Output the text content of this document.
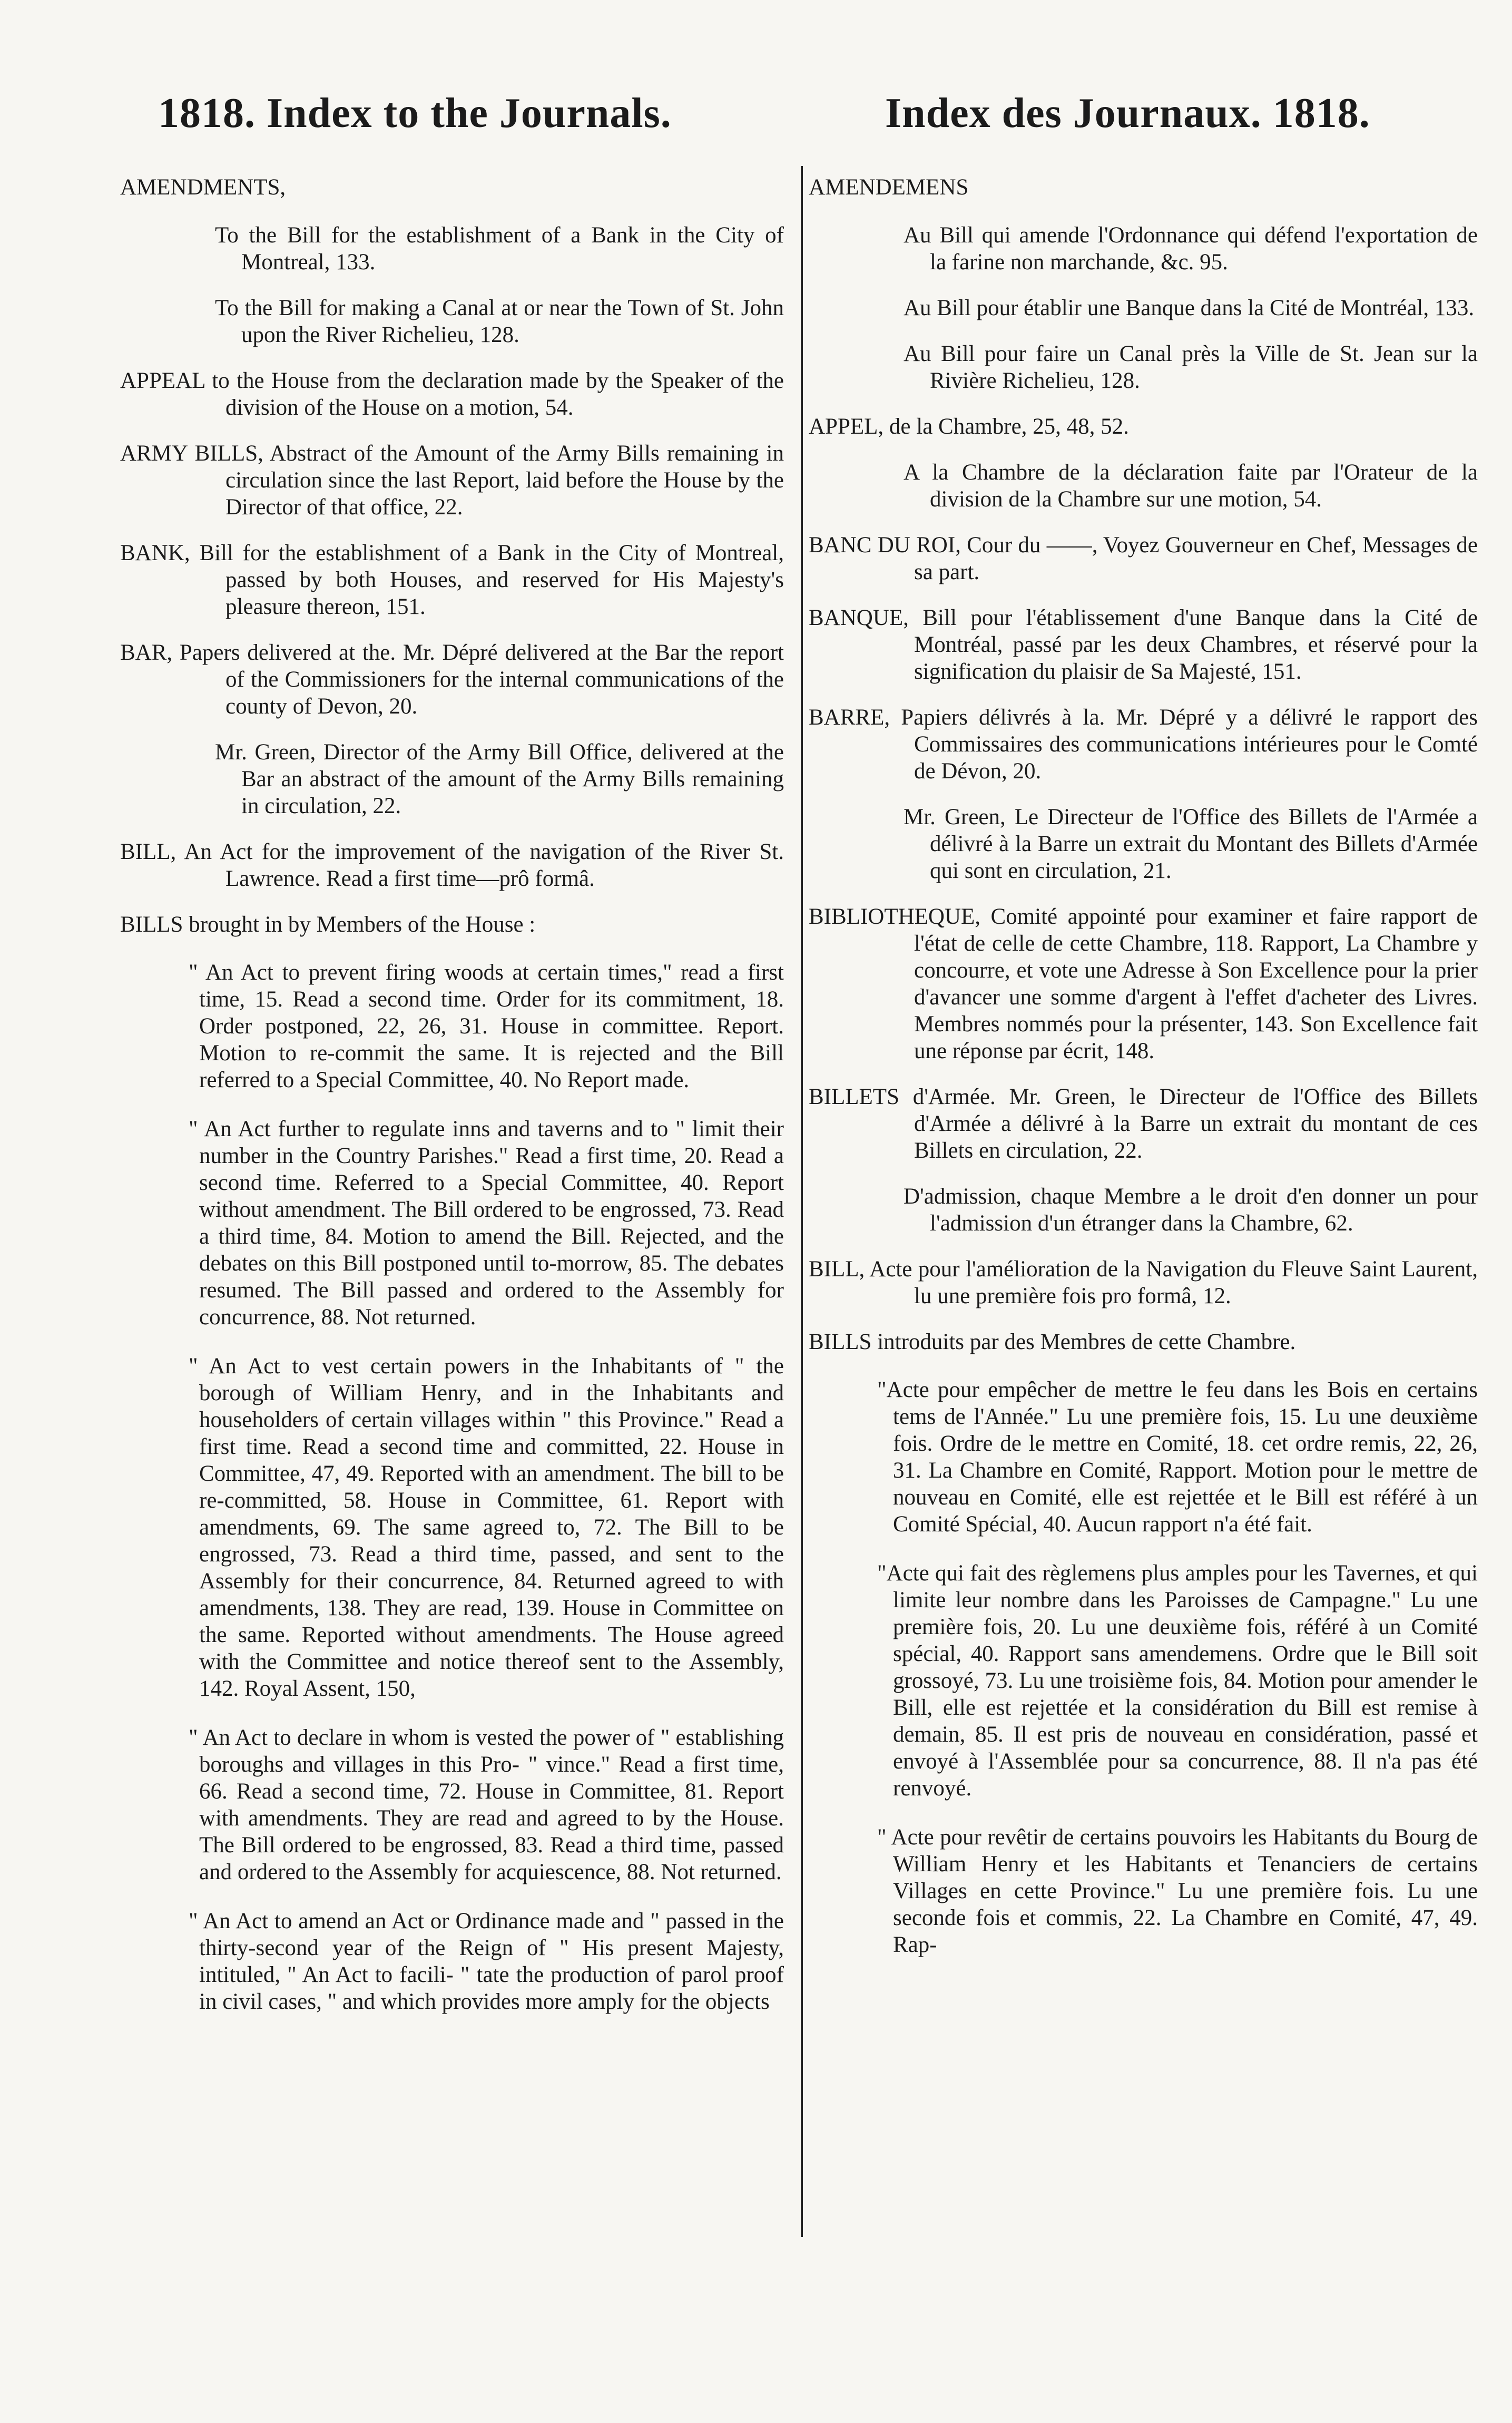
1818. Index to the Journals.	Index des Journaux. 1818.
AMENDMENTS,
To the Bill for the establishment of a Bank in the City of Montreal, 133.
To the Bill for making a Canal at or near the Town of St. John upon the River Richelieu, 128.
APPEAL to the House from the declaration made by the Speaker of the division of the House on a motion, 54.
ARMY BILLS, Abstract of the Amount of the Army Bills remaining in circulation since the last Report, laid before the House by the Director of that office, 22.
BANK, Bill for the establishment of a Bank in the City of Montreal, passed by both Houses, and reserved for His Majesty's pleasure thereon, 151.
BAR, Papers delivered at the. Mr. Dépré delivered at the Bar the report of the Commissioners for the internal communications of the county of Devon, 20.
Mr. Green, Director of the Army Bill Office, delivered at the Bar an abstract of the amount of the Army Bills remaining in circulation, 22.
BILL, An Act for the improvement of the navigation of the River St. Lawrence. Read a first time—prô formâ.
BILLS brought in by Members of the House :
" An Act to prevent firing woods at certain times," read a first time, 15. Read a second time. Order for its commitment, 18. Order postponed, 22, 26, 31. House in committee. Report. Motion to re-commit the same. It is rejected and the Bill referred to a Special Committee, 40. No Report made.
" An Act further to regulate inns and taverns and to " limit their number in the Country Parishes." Read a first time, 20. Read a second time. Referred to a Special Committee, 40. Report without amendment. The Bill ordered to be engrossed, 73. Read a third time, 84. Motion to amend the Bill. Rejected, and the debates on this Bill postponed until to-morrow, 85. The debates resumed. The Bill passed and ordered to the Assembly for concurrence, 88. Not returned.
" An Act to vest certain powers in the Inhabitants of " the borough of William Henry, and in the Inhabitants and householders of certain villages within " this Province." Read a first time. Read a second time and committed, 22. House in Committee, 47, 49. Reported with an amendment. The bill to be re-committed, 58. House in Committee, 61. Report with amendments, 69. The same agreed to, 72. The Bill to be engrossed, 73. Read a third time, passed, and sent to the Assembly for their concurrence, 84. Returned agreed to with amendments, 138. They are read, 139. House in Committee on the same. Reported without amendments. The House agreed with the Committee and notice thereof sent to the Assembly, 142. Royal Assent, 150,
" An Act to declare in whom is vested the power of " establishing boroughs and villages in this Pro- " vince." Read a first time, 66. Read a second time, 72. House in Committee, 81. Report with amendments. They are read and agreed to by the House. The Bill ordered to be engrossed, 83. Read a third time, passed and ordered to the Assembly for acquiescence, 88. Not returned.
" An Act to amend an Act or Ordinance made and " passed in the thirty-second year of the Reign of " His present Majesty, intituled, " An Act to facili- " tate the production of parol proof in civil cases, " and which provides more amply for the objects
AMENDEMENS
Au Bill qui amende l'Ordonnance qui défend l'exportation de la farine non marchande, &c. 95.
Au Bill pour établir une Banque dans la Cité de Montréal, 133.
Au Bill pour faire un Canal près la Ville de St. Jean sur la Rivière Richelieu, 128.
APPEL, de la Chambre, 25, 48, 52.
A la Chambre de la déclaration faite par l'Orateur de la division de la Chambre sur une motion, 54.
BANC DU ROI, Cour du ——, Voyez Gouverneur en Chef, Messages de sa part.
BANQUE, Bill pour l'établissement d'une Banque dans la Cité de Montréal, passé par les deux Chambres, et réservé pour la signification du plaisir de Sa Majesté, 151.
BARRE, Papiers délivrés à la. Mr. Dépré y a délivré le rapport des Commissaires des communications intérieures pour le Comté de Dévon, 20.
Mr. Green, Le Directeur de l'Office des Billets de l'Armée a délivré à la Barre un extrait du Montant des Billets d'Armée qui sont en circulation, 21.
BIBLIOTHEQUE, Comité appointé pour examiner et faire rapport de l'état de celle de cette Chambre, 118. Rapport, La Chambre y concourre, et vote une Adresse à Son Excellence pour la prier d'avancer une somme d'argent à l'effet d'acheter des Livres. Membres nommés pour la présenter, 143. Son Excellence fait une réponse par écrit, 148.
BILLETS d'Armée. Mr. Green, le Directeur de l'Office des Billets d'Armée a délivré à la Barre un extrait du montant de ces Billets en circulation, 22.
D'admission, chaque Membre a le droit d'en donner un pour l'admission d'un étranger dans la Chambre, 62.
BILL, Acte pour l'amélioration de la Navigation du Fleuve Saint Laurent, lu une première fois pro formâ, 12.
BILLS introduits par des Membres de cette Chambre.
"Acte pour empêcher de mettre le feu dans les Bois en certains tems de l'Année." Lu une première fois, 15. Lu une deuxième fois. Ordre de le mettre en Comité, 18. cet ordre remis, 22, 26, 31. La Chambre en Comité, Rapport. Motion pour le mettre de nouveau en Comité, elle est rejettée et le Bill est référé à un Comité Spécial, 40. Aucun rapport n'a été fait.
"Acte qui fait des règlemens plus amples pour les Tavernes, et qui limite leur nombre dans les Paroisses de Campagne." Lu une première fois, 20. Lu une deuxième fois, référé à un Comité spécial, 40. Rapport sans amendemens. Ordre que le Bill soit grossoyé, 73. Lu une troisième fois, 84. Motion pour amender le Bill, elle est rejettée et la considération du Bill est remise à demain, 85. Il est pris de nouveau en considération, passé et envoyé à l'Assemblée pour sa concurrence, 88. Il n'a pas été renvoyé.
" Acte pour revêtir de certains pouvoirs les Habitants du Bourg de William Henry et les Habitants et Tenanciers de certains Villages en cette Province." Lu une première fois. Lu une seconde fois et commis, 22. La Chambre en Comité, 47, 49. Rap-
